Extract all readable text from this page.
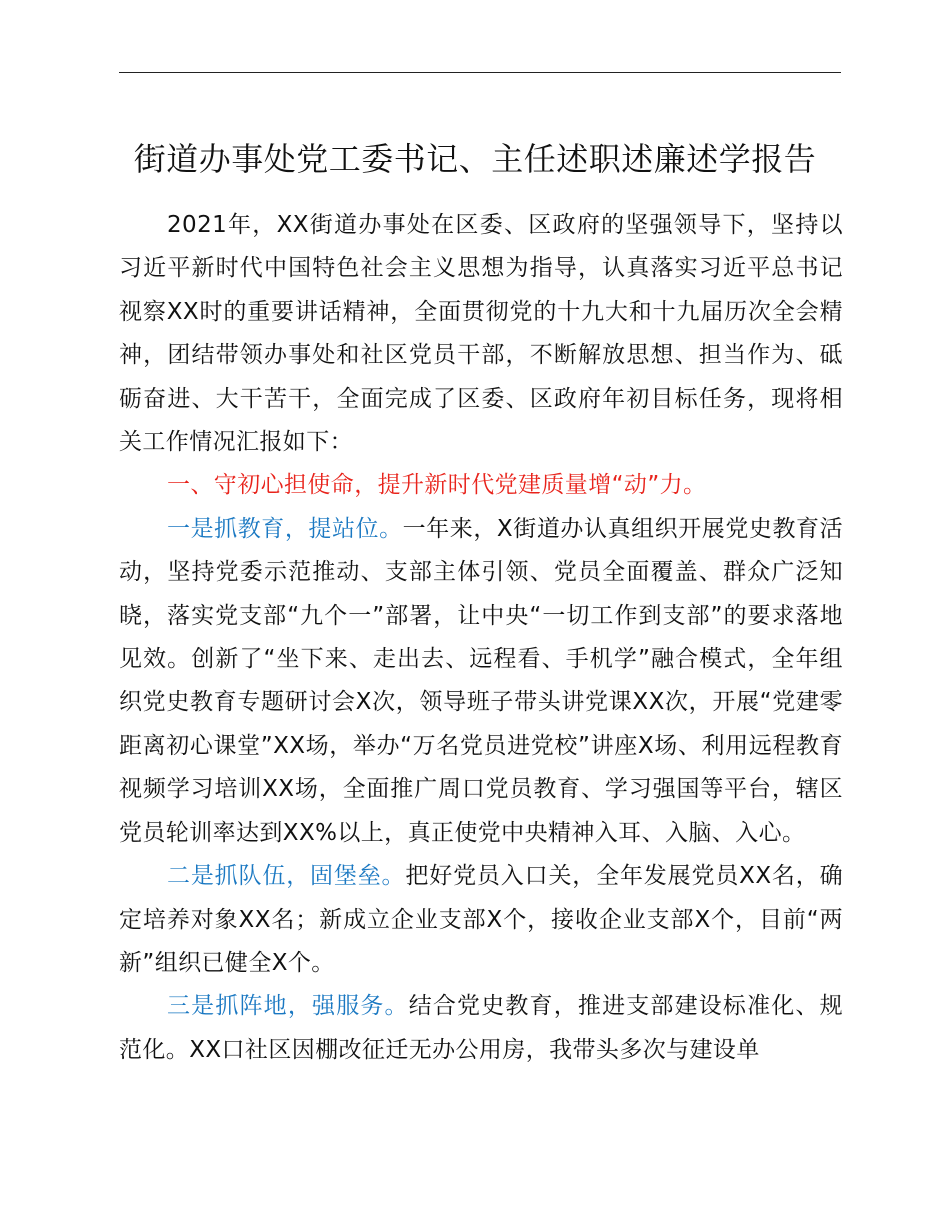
街道办事处党工委书记、主任述职述廉述学报告

2021年，XX街道办事处在区委、区政府的坚强领导下，坚持以习近平新时代中国特色社会主义思想为指导，认真落实习近平总书记视察XX时的重要讲话精神，全面贯彻党的十九大和十九届历次全会精神，团结带领办事处和社区党员干部，不断解放思想、担当作为、砥砺奋进、大干苦干，全面完成了区委、区政府年初目标任务，现将相关工作情况汇报如下：

一、守初心担使命，提升新时代党建质量增“动”力。

一是抓教育，提站位。一年来，X街道办认真组织开展党史教育活动，坚持党委示范推动、支部主体引领、党员全面覆盖、群众广泛知晓，落实党支部“九个一”部署，让中央“一切工作到支部”的要求落地见效。创新了“坐下来、走出去、远程看、手机学”融合模式，全年组织党史教育专题研讨会X次，领导班子带头讲党课XX次，开展“党建零距离初心课堂”XX场，举办“万名党员进党校”讲座X场、利用远程教育视频学习培训XX场，全面推广周口党员教育、学习强国等平台，辖区党员轮训率达到XX%以上，真正使党中央精神入耳、入脑、入心。

二是抓队伍，固堡垒。把好党员入口关，全年发展党员XX名，确定培养对象XX名；新成立企业支部X个，接收企业支部X个，目前“两新”组织已健全X个。

三是抓阵地，强服务。结合党史教育，推进支部建设标准化、规范化。XX口社区因棚改征迁无办公用房，我带头多次与建设单
